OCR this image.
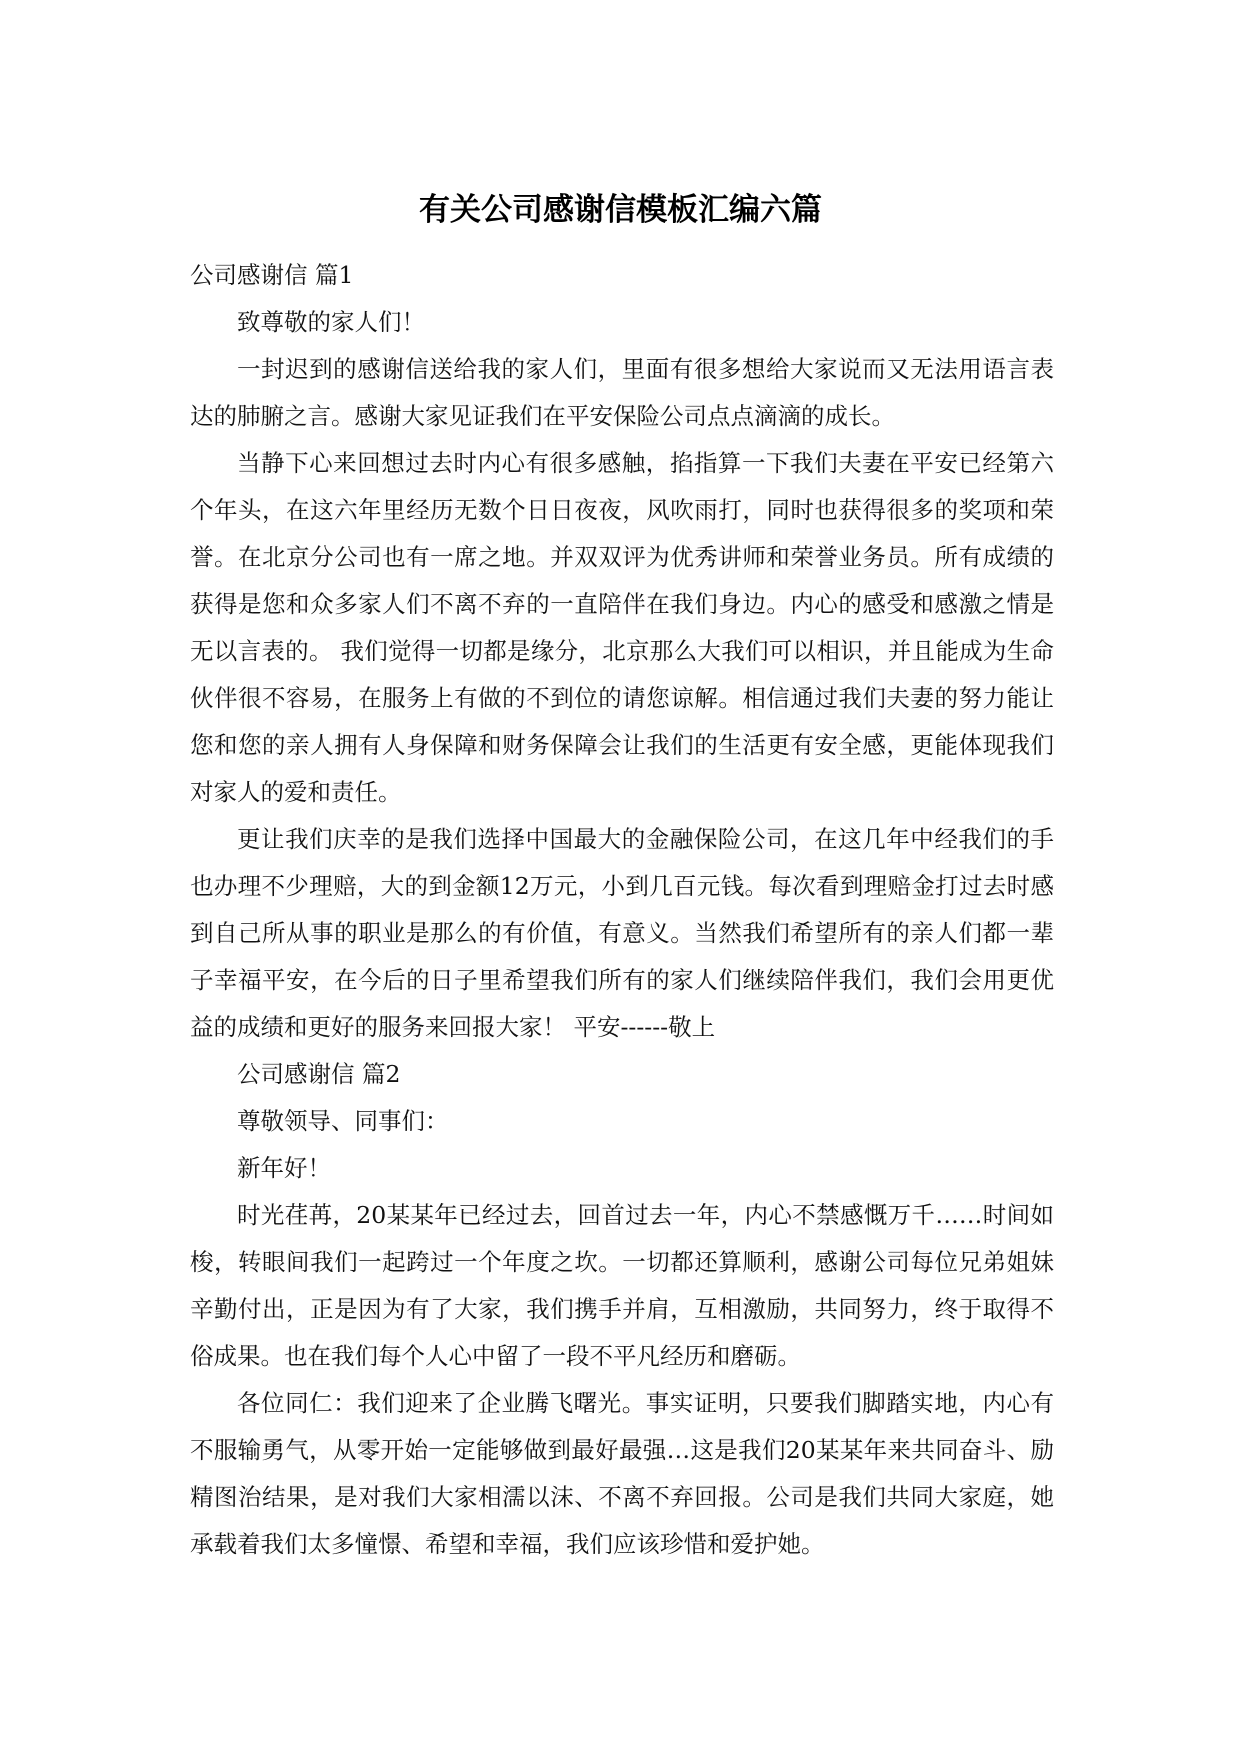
有关公司感谢信模板汇编六篇

公司感谢信 篇1

致尊敬的家人们！

一封迟到的感谢信送给我的家人们，里面有很多想给大家说而又无法用语言表达的肺腑之言。感谢大家见证我们在平安保险公司点点滴滴的成长。

当静下心来回想过去时内心有很多感触，掐指算一下我们夫妻在平安已经第六个年头，在这六年里经历无数个日日夜夜，风吹雨打，同时也获得很多的奖项和荣誉。在北京分公司也有一席之地。并双双评为优秀讲师和荣誉业务员。所有成绩的获得是您和众多家人们不离不弃的一直陪伴在我们身边。内心的感受和感激之情是无以言表的。 我们觉得一切都是缘分，北京那么大我们可以相识，并且能成为生命伙伴很不容易，在服务上有做的不到位的请您谅解。相信通过我们夫妻的努力能让您和您的亲人拥有人身保障和财务保障会让我们的生活更有安全感，更能体现我们对家人的爱和责任。

更让我们庆幸的是我们选择中国最大的金融保险公司，在这几年中经我们的手也办理不少理赔，大的到金额12万元，小到几百元钱。每次看到理赔金打过去时感到自己所从事的职业是那么的有价值，有意义。当然我们希望所有的亲人们都一辈子幸福平安，在今后的日子里希望我们所有的家人们继续陪伴我们，我们会用更优益的成绩和更好的服务来回报大家！ 平安------敬上

公司感谢信 篇2

尊敬领导、同事们：

新年好！

时光荏苒，20某某年已经过去，回首过去一年，内心不禁感慨万千……时间如梭，转眼间我们一起跨过一个年度之坎。一切都还算顺利，感谢公司每位兄弟姐妹辛勤付出，正是因为有了大家，我们携手并肩，互相激励，共同努力，终于取得不俗成果。也在我们每个人心中留了一段不平凡经历和磨砺。

各位同仁：我们迎来了企业腾飞曙光。事实证明，只要我们脚踏实地，内心有不服输勇气，从零开始一定能够做到最好最强…这是我们20某某年来共同奋斗、励精图治结果，是对我们大家相濡以沫、不离不弃回报。公司是我们共同大家庭，她承载着我们太多憧憬、希望和幸福，我们应该珍惜和爱护她。
